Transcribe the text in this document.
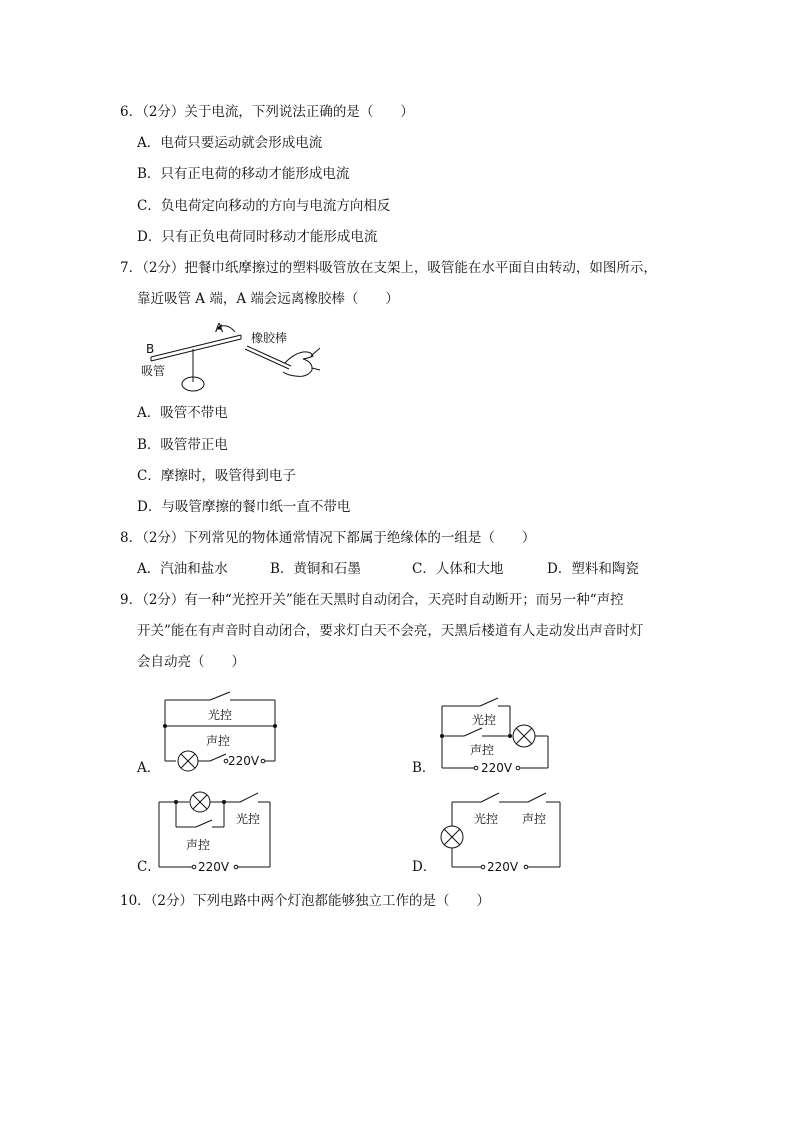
6．（2分）关于电流，下列说法正确的是（　　）
A．电荷只要运动就会形成电流
B．只有正电荷的移动才能形成电流
C．负电荷定向移动的方向与电流方向相反
D．只有正负电荷同时移动才能形成电流
7．（2分）把餐巾纸摩擦过的塑料吸管放在支架上，吸管能在水平面自由转动，如图所示，
靠近吸管 A 端，A 端会远离橡胶棒（　　）
A
B
吸管
橡胶棒
A．吸管不带电
B．吸管带正电
C．摩擦时，吸管得到电子
D．与吸管摩擦的餐巾纸一直不带电
8．（2分）下列常见的物体通常情况下都属于绝缘体的一组是（　　）
A．汽油和盐水	B．黄铜和石墨	C．人体和大地	D．塑料和陶瓷
9．（2分）有一种“光控开关”能在天黑时自动闭合，天亮时自动断开；而另一种“声控
开关”能在有声音时自动闭合，要求灯白天不会亮，天黑后楼道有人走动发出声音时灯
会自动亮（　　）
A．
光控
声控
220V	B．
光控
声控
220V
C．
光控
声控
220V	D．
光控 声控
220V
10．（2分）下列电路中两个灯泡都能够独立工作的是（　　）
